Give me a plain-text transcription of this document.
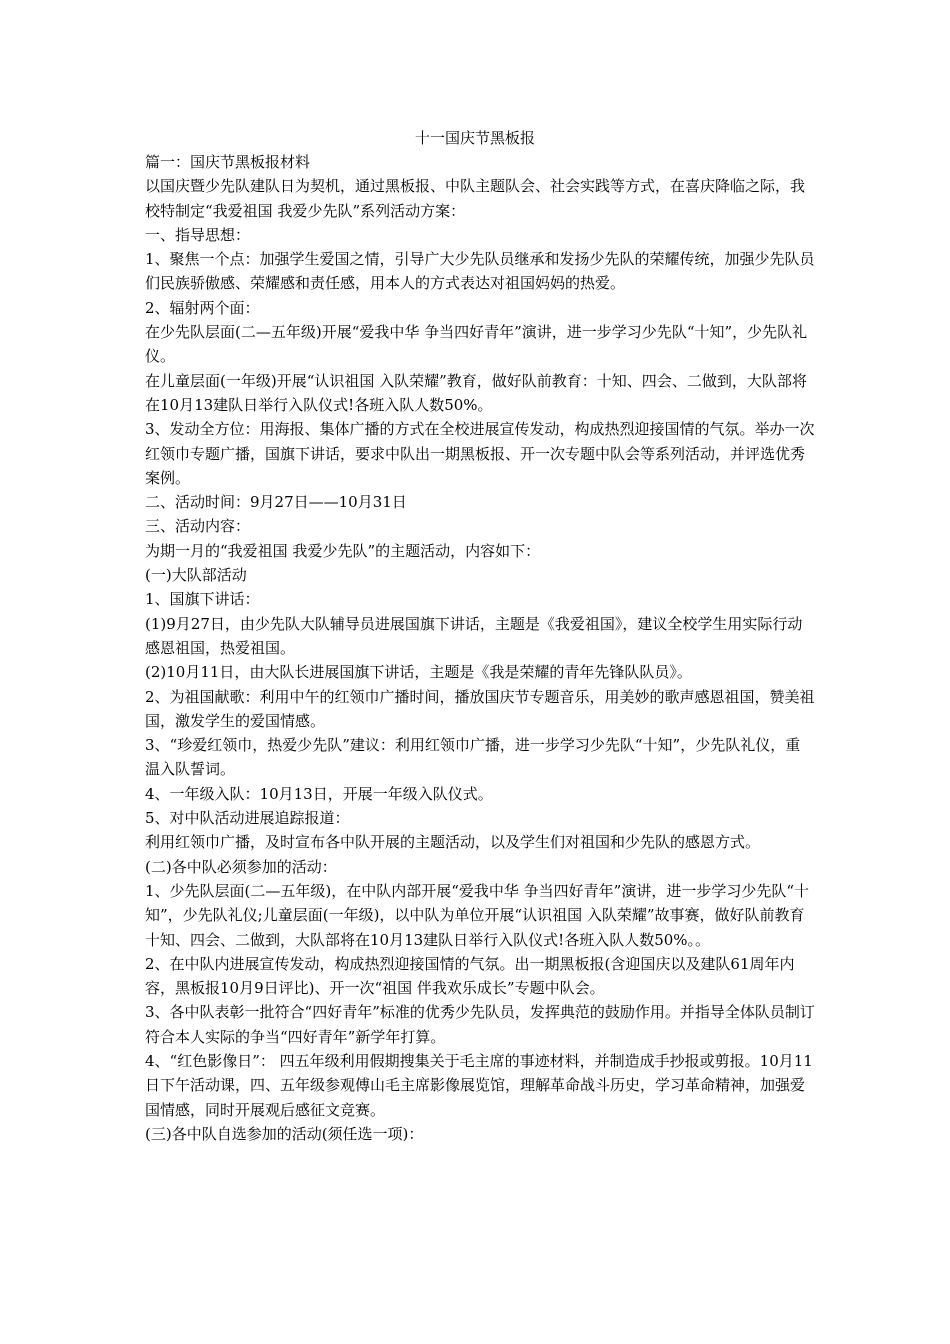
十一国庆节黑板报

篇一：国庆节黑板报材料

以国庆暨少先队建队日为契机，通过黑板报、中队主题队会、社会实践等方式，在喜庆降临之际，我校特制定“我爱祖国 我爱少先队”系列活动方案：

一、指导思想：

1、聚焦一个点：加强学生爱国之情，引导广大少先队员继承和发扬少先队的荣耀传统，加强少先队员们民族骄傲感、荣耀感和责任感，用本人的方式表达对祖国妈妈的热爱。

2、辐射两个面：

在少先队层面(二—五年级)开展“爱我中华 争当四好青年”演讲，进一步学习少先队“十知”，少先队礼仪。

在儿童层面(一年级)开展“认识祖国 入队荣耀”教育，做好队前教育：十知、四会、二做到，大队部将在10月13建队日举行入队仪式!各班入队人数50%。

3、发动全方位：用海报、集体广播的方式在全校进展宣传发动，构成热烈迎接国情的气氛。举办一次红领巾专题广播，国旗下讲话，要求中队出一期黑板报、开一次专题中队会等系列活动，并评选优秀案例。

二、活动时间：9月27日——10月31日

三、活动内容：

为期一月的“我爱祖国 我爱少先队”的主题活动，内容如下：

(一)大队部活动

1、国旗下讲话：

(1)9月27日，由少先队大队辅导员进展国旗下讲话，主题是《我爱祖国》，建议全校学生用实际行动感恩祖国，热爱祖国。

(2)10月11日，由大队长进展国旗下讲话，主题是《我是荣耀的青年先锋队队员》。

2、为祖国献歌：利用中午的红领巾广播时间，播放国庆节专题音乐，用美妙的歌声感恩祖国，赞美祖国，激发学生的爱国情感。

3、“珍爱红领巾，热爱少先队”建议：利用红领巾广播，进一步学习少先队“十知”，少先队礼仪，重温入队誓词。

4、一年级入队：10月13日，开展一年级入队仪式。

5、对中队活动进展追踪报道：

利用红领巾广播，及时宣布各中队开展的主题活动，以及学生们对祖国和少先队的感恩方式。

(二)各中队必须参加的活动：

1、少先队层面(二—五年级)，在中队内部开展“爱我中华 争当四好青年”演讲，进一步学习少先队“十知”，少先队礼仪;儿童层面(一年级)，以中队为单位开展“认识祖国 入队荣耀”故事赛，做好队前教育十知、四会、二做到，大队部将在10月13建队日举行入队仪式!各班入队人数50%。。

2、在中队内进展宣传发动，构成热烈迎接国情的气氛。出一期黑板报(含迎国庆以及建队61周年内容，黑板报10月9日评比)、开一次“祖国 伴我欢乐成长”专题中队会。

3、各中队表彰一批符合“四好青年”标准的优秀少先队员，发挥典范的鼓励作用。并指导全体队员制订符合本人实际的争当“四好青年”新学年打算。

4、“红色影像日”： 四五年级利用假期搜集关于毛主席的事迹材料，并制造成手抄报或剪报。10月11日下午活动课，四、五年级参观傅山毛主席影像展览馆，理解革命战斗历史，学习革命精神，加强爱国情感，同时开展观后感征文竞赛。

(三)各中队自选参加的活动(须任选一项)：
